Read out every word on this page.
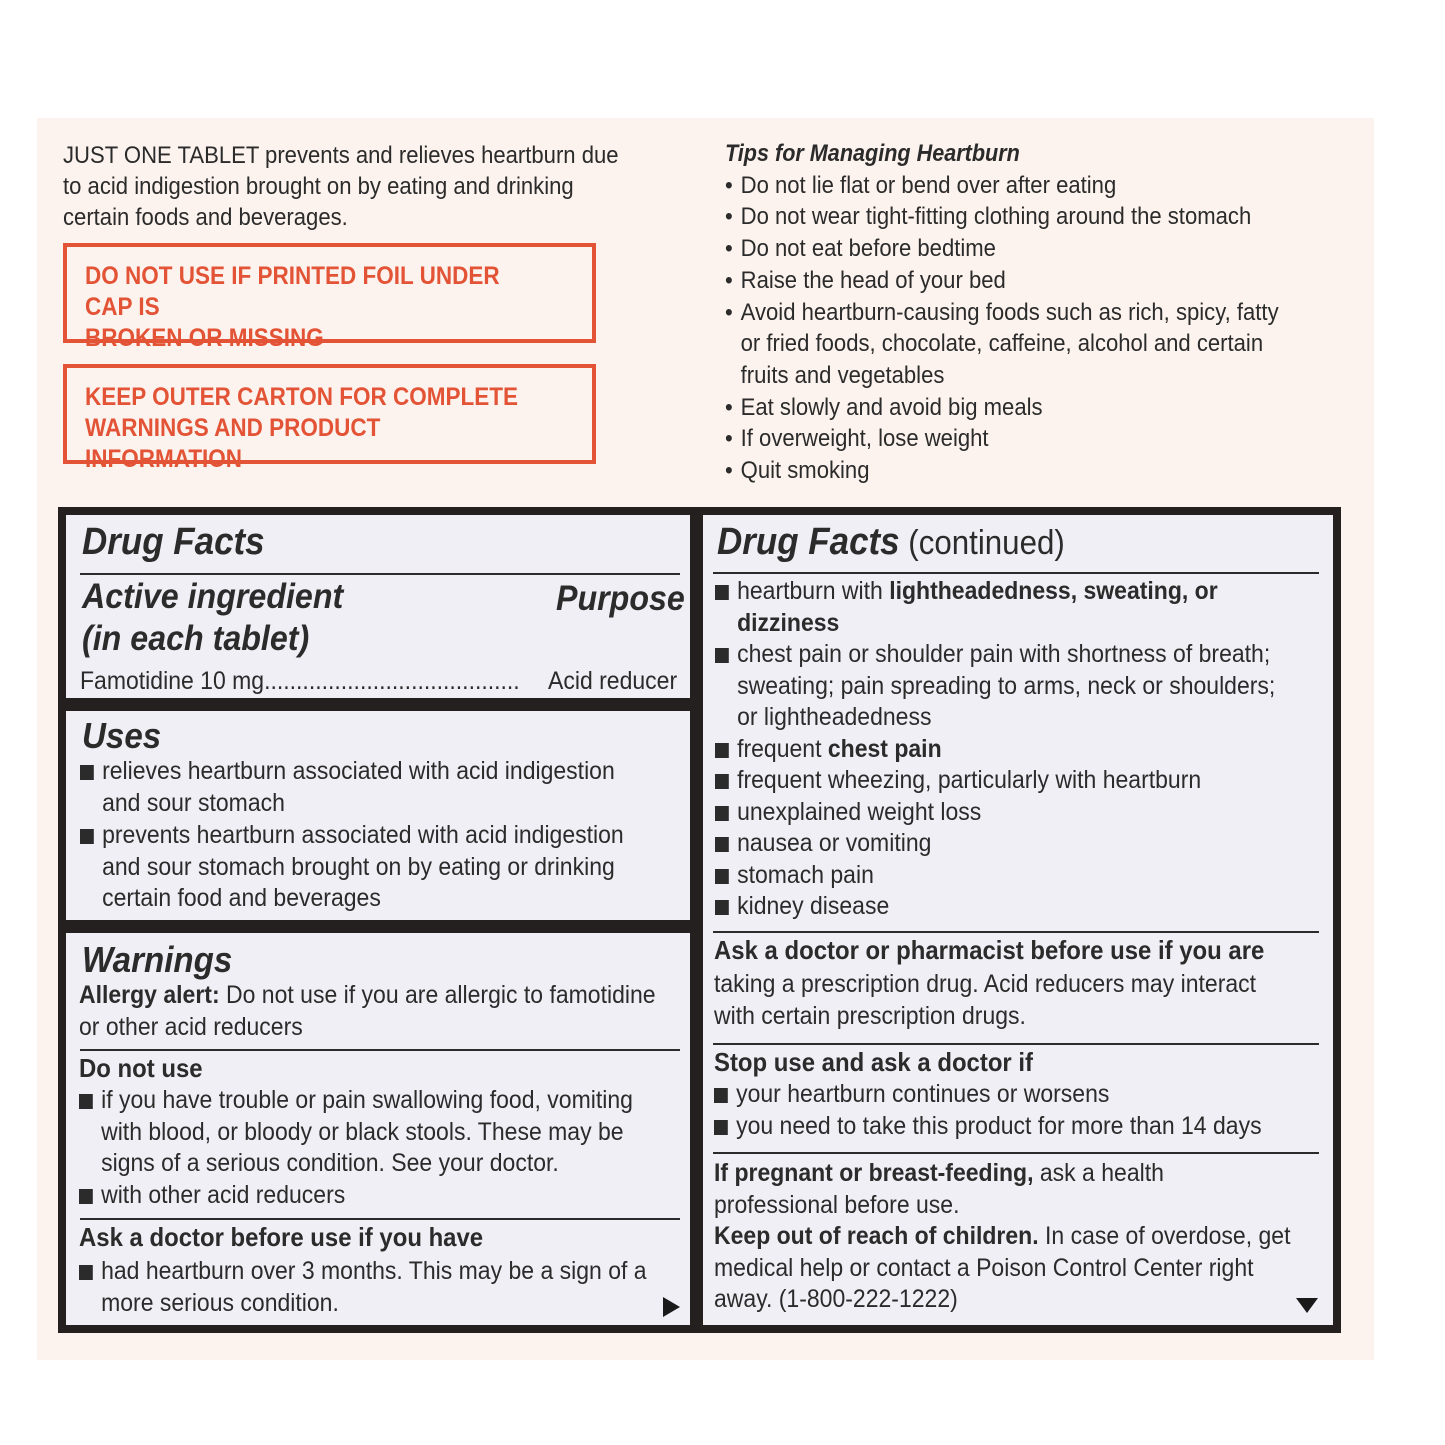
JUST ONE TABLET prevents and relieves heartburn due to acid indigestion brought on by eating and drinking certain foods and beverages.
DO NOT USE IF PRINTED FOIL UNDER CAP IS
BROKEN OR MISSING
KEEP OUTER CARTON FOR COMPLETE
WARNINGS AND PRODUCT INFORMATION
Tips for Managing Heartburn
• Do not lie flat or bend over after eating
• Do not wear tight-fitting clothing around the stomach
• Do not eat before bedtime
• Raise the head of your bed
• Avoid heartburn-causing foods such as rich, spicy, fatty
or fried foods, chocolate, caffeine, alcohol and certain
fruits and vegetables
• Eat slowly and avoid big meals
• If overweight, lose weight
• Quit smoking
Drug Facts
Active ingredient
(in each tablet)
Purpose
Famotidine 10 mg........................................ Acid reducer
Uses
relieves heartburn associated with acid indigestion
and sour stomach
prevents heartburn associated with acid indigestion
and sour stomach brought on by eating or drinking
certain food and beverages
Warnings
Allergy alert: Do not use if you are allergic to famotidine
or other acid reducers
Do not use
if you have trouble or pain swallowing food, vomiting
with blood, or bloody or black stools. These may be
signs of a serious condition. See your doctor.
with other acid reducers
Ask a doctor before use if you have
had heartburn over 3 months. This may be a sign of a
more serious condition.
Drug Facts (continued)
heartburn with lightheadedness, sweating, or
dizziness
chest pain or shoulder pain with shortness of breath;
sweating; pain spreading to arms, neck or shoulders;
or lightheadedness
frequent chest pain
frequent wheezing, particularly with heartburn
unexplained weight loss
nausea or vomiting
stomach pain
kidney disease
Ask a doctor or pharmacist before use if you are
taking a prescription drug. Acid reducers may interact
with certain prescription drugs.
Stop use and ask a doctor if
your heartburn continues or worsens
you need to take this product for more than 14 days
If pregnant or breast-feeding, ask a health
professional before use.
Keep out of reach of children. In case of overdose, get
medical help or contact a Poison Control Center right
away. (1-800-222-1222)
